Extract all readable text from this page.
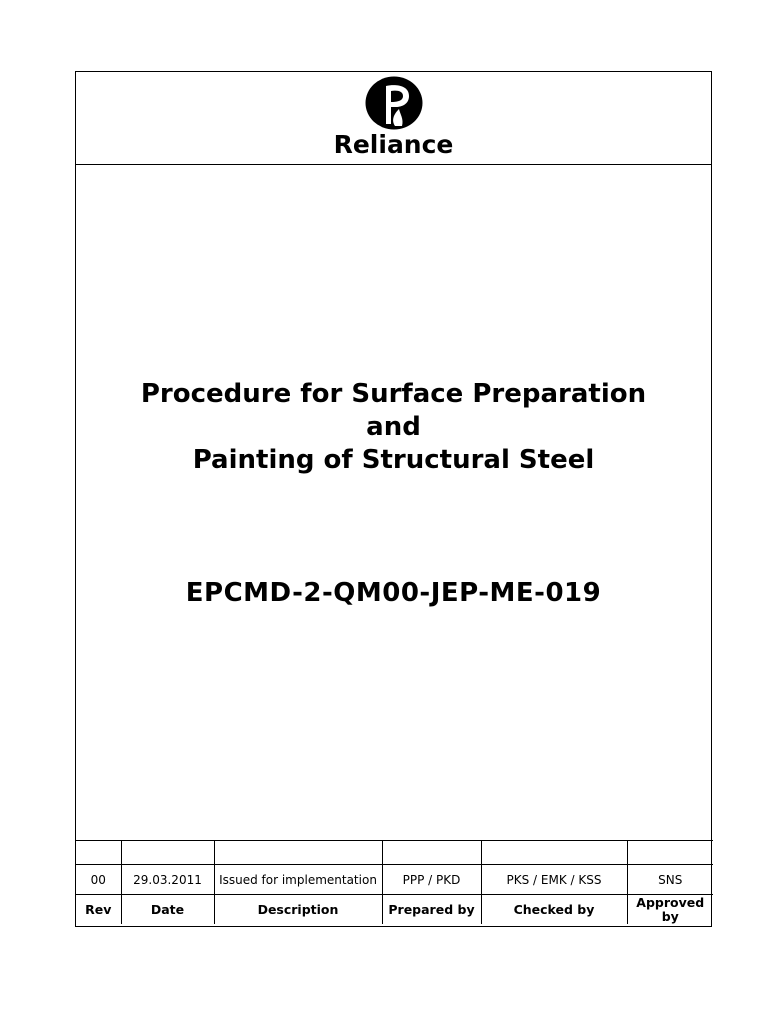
Reliance
Procedure for Surface Preparation
and
Painting of Structural Steel
EPCMD-2-QM00-JEP-ME-019

00	29.03.2011	Issued for implementation	PPP / PKD	PKS / EMK / KSS	SNS
Rev	Date	Description	Prepared by	Checked by	Approved by
